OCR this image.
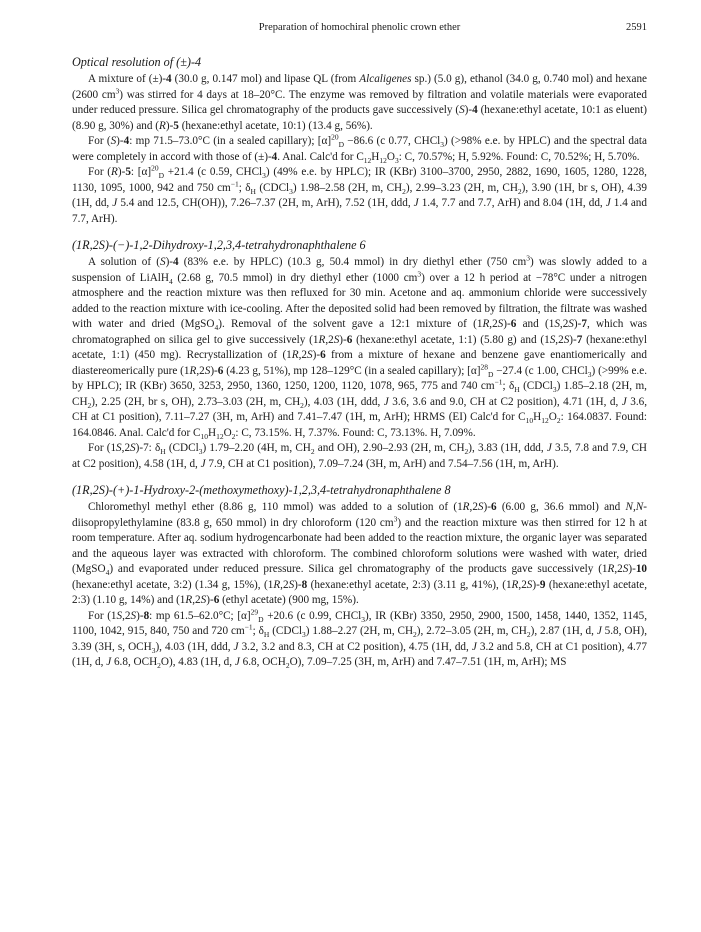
Preparation of homochiral phenolic crown ether	2591
Optical resolution of (±)-4

A mixture of (±)-4 (30.0 g, 0.147 mol) and lipase QL (from Alcaligenes sp.) (5.0 g), ethanol (34.0 g, 0.740 mol) and hexane (2600 $cm^3$) was stirred for 4 days at 18–20°C. The enzyme was removed by filtration and volatile materials were evaporated under reduced pressure. Silica gel chromatography of the products gave successively (S)-4 (hexane:ethyl acetate, 10:1 as eluent) (8.90 g, 30%) and (R)-5 (hexane:ethyl acetate, 10:1) (13.4 g, 56%).

For (S)-4: mp 71.5–73.0°C (in a sealed capillary); $[\alpha]^{20}_D -86.6$ (c 0.77, CHCl$_3$) (>98% e.e. by HPLC) and the spectral data were completely in accord with those of (±)-4. Anal. Calc'd for $C_{12}H_{12}O_3$: C, 70.57%; H, 5.92%. Found: C, 70.52%; H, 5.70%.

For (R)-5: $[\alpha]^{20}_D +21.4$ (c 0.59, CHCl$_3$) (49% e.e. by HPLC); IR (KBr) 3100–3700, 2950, 2882, 1690, 1605, 1280, 1228, 1130, 1095, 1000, 942 and 750 $cm^{-1}$; $\delta_H$ (CDCl$_3$) 1.98–2.58 (2H, m, $CH_2$), 2.99–3.23 (2H, m, $CH_2$), 3.90 (1H, br s, OH), 4.39 (1H, dd, J 5.4 and 12.5, CH(OH)), 7.26–7.37 (2H, m, ArH), 7.52 (1H, ddd, J 1.4, 7.7 and 7.7, ArH) and 8.04 (1H, dd, J 1.4 and 7.7, ArH).

(1R,2S)-(−)-1,2-Dihydroxy-1,2,3,4-tetrahydronaphthalene 6

A solution of (S)-4 (83% e.e. by HPLC) (10.3 g, 50.4 mmol) in dry diethyl ether (750 $cm^3$) was slowly added to a suspension of LiAlH$_4$ (2.68 g, 70.5 mmol) in dry diethyl ether (1000 $cm^3$) over a 12 h period at −78°C under a nitrogen atmosphere and the reaction mixture was then refluxed for 30 min. Acetone and aq. ammonium chloride were successively added to the reaction mixture with ice-cooling. After the deposited solid had been removed by filtration, the filtrate was washed with water and dried (MgSO$_4$). Removal of the solvent gave a 12:1 mixture of (1R,2S)-6 and (1S,2S)-7, which was chromatographed on silica gel to give successively (1R,2S)-6 (hexane:ethyl acetate, 1:1) (5.80 g) and (1S,2S)-7 (hexane:ethyl acetate, 1:1) (450 mg). Recrystallization of (1R,2S)-6 from a mixture of hexane and benzene gave enantiomerically and diastereomerically pure (1R,2S)-6 (4.23 g, 51%), mp 128–129°C (in a sealed capillary); $[\alpha]^{28}_D -27.4$ (c 1.00, CHCl$_3$) (>99% e.e. by HPLC); IR (KBr) 3650, 3253, 2950, 1360, 1250, 1200, 1120, 1078, 965, 775 and 740 $cm^{-1}$; $\delta_H$ (CDCl$_3$) 1.85–2.18 (2H, m, $CH_2$), 2.25 (2H, br s, OH), 2.73–3.03 (2H, m, $CH_2$), 4.03 (1H, ddd, J 3.6, 3.6 and 9.0, CH at C2 position), 4.71 (1H, d, J 3.6, CH at C1 position), 7.11–7.27 (3H, m, ArH) and 7.41–7.47 (1H, m, ArH); HRMS (EI) Calc'd for $C_{10}H_{12}O_2$: 164.0837. Found: 164.0846. Anal. Calc'd for $C_{10}H_{12}O_2$: C, 73.15%. H, 7.37%. Found: C, 73.13%. H, 7.09%.

For (1S,2S)-7: $\delta_H$ (CDCl$_3$) 1.79–2.20 (4H, m, $CH_2$ and OH), 2.90–2.93 (2H, m, $CH_2$), 3.83 (1H, ddd, J 3.5, 7.8 and 7.9, CH at C2 position), 4.58 (1H, d, J 7.9, CH at C1 position), 7.09–7.24 (3H, m, ArH) and 7.54–7.56 (1H, m, ArH).

(1R,2S)-(+)-1-Hydroxy-2-(methoxymethoxy)-1,2,3,4-tetrahydronaphthalene 8

Chloromethyl methyl ether (8.86 g, 110 mmol) was added to a solution of (1R,2S)-6 (6.00 g, 36.6 mmol) and N,N-diisopropylethylamine (83.8 g, 650 mmol) in dry chloroform (120 $cm^3$) and the reaction mixture was then stirred for 12 h at room temperature. After aq. sodium hydrogencarbonate had been added to the reaction mixture, the organic layer was separated and the aqueous layer was extracted with chloroform. The combined chloroform solutions were washed with water, dried (MgSO$_4$) and evaporated under reduced pressure. Silica gel chromatography of the products gave successively (1R,2S)-10 (hexane:ethyl acetate, 3:2) (1.34 g, 15%), (1R,2S)-8 (hexane:ethyl acetate, 2:3) (3.11 g, 41%), (1R,2S)-9 (hexane:ethyl acetate, 2:3) (1.10 g, 14%) and (1R,2S)-6 (ethyl acetate) (900 mg, 15%).

For (1S,2S)-8: mp 61.5–62.0°C; $[\alpha]^{29}_D +20.6$ (c 0.99, CHCl$_3$), IR (KBr) 3350, 2950, 2900, 1500, 1458, 1440, 1352, 1145, 1100, 1042, 915, 840, 750 and 720 $cm^{-1}$; $\delta_H$ (CDCl$_3$) 1.88–2.27 (2H, m, $CH_2$), 2.72–3.05 (2H, m, $CH_2$), 2.87 (1H, d, J 5.8, OH), 3.39 (3H, s, $OCH_3$), 4.03 (1H, ddd, J 3.2, 3.2 and 8.3, CH at C2 position), 4.75 (1H, dd, J 3.2 and 5.8, CH at C1 position), 4.77 (1H, d, J 6.8, $OCH_2O$), 4.83 (1H, d, J 6.8, $OCH_2O$), 7.09–7.25 (3H, m, ArH) and 7.47–7.51 (1H, m, ArH); MS
